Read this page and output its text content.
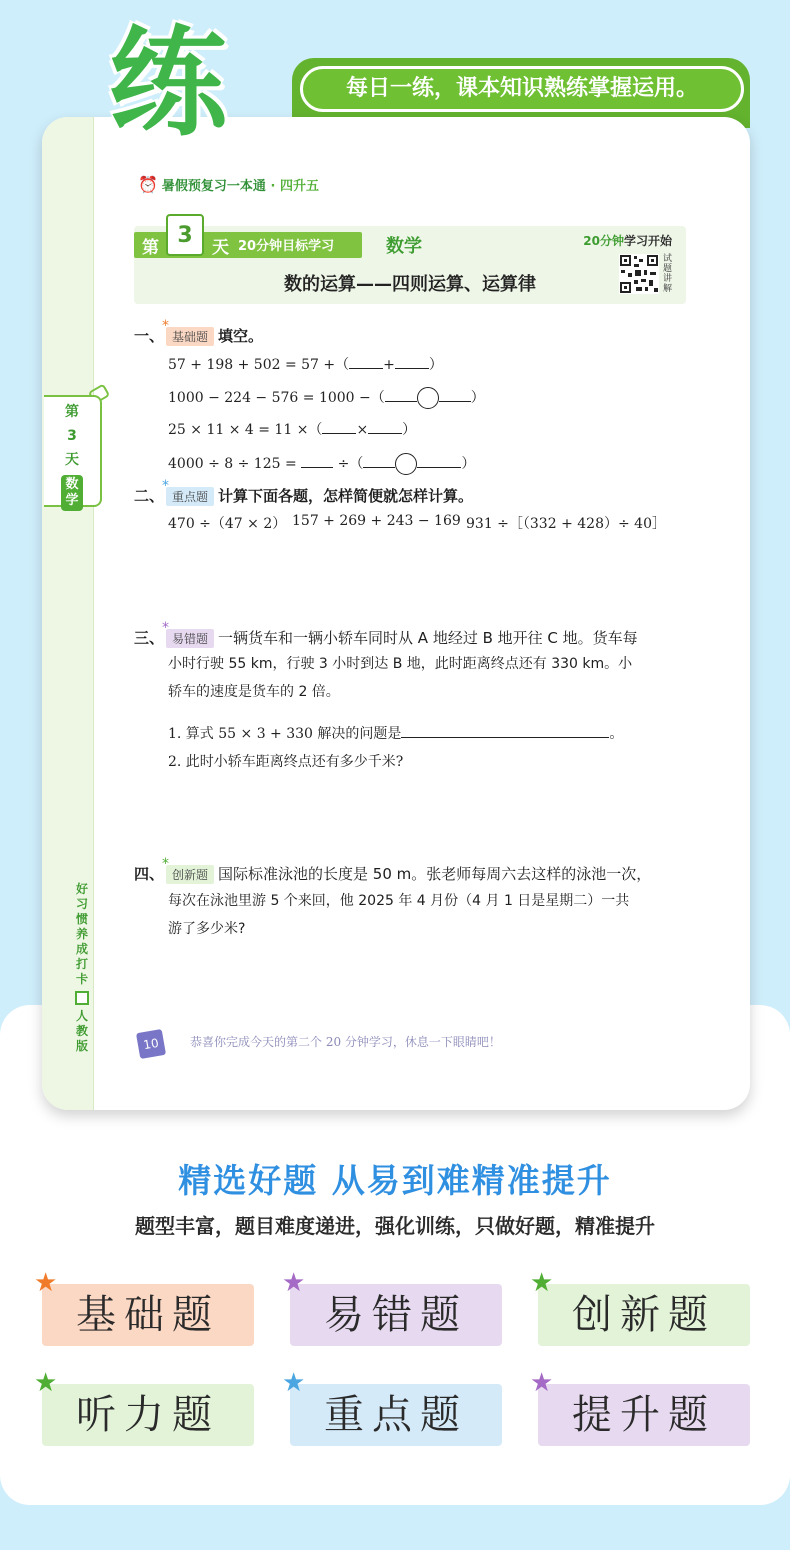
每日一练，课本知识熟练掌握运用。
练
第
3
天
数学
好
习
惯
养
成
打
卡
人
教
版
⏰ 暑假预复习一本通 · 四升五
第	天 20分钟目标学习
3	数学	20分钟学习开始
试题讲解
数的运算——四则运算、运算律
一、 * 基础题 填空。
57 + 198 + 502 = 57 +（ + ）
1000 − 224 − 576 = 1000 −（	）
25 × 11 × 4 = 11 ×（ × ）
4000 ÷ 8 ÷ 125 =	÷（	）
二、 * 重点题 计算下面各题，怎样简便就怎样计算。
470 ÷（47 × 2） 157 + 269 + 243 − 169 931 ÷［（332 + 428）÷ 40］
三、 * 易错题 一辆货车和一辆小轿车同时从 A 地经过 B 地开往 C 地。货车每
小时行驶 55 km，行驶 3 小时到达 B 地，此时距离终点还有 330 km。小
轿车的速度是货车的 2 倍。
1. 算式 55 × 3 + 330 解决的问题是	。
2. 此时小轿车距离终点还有多少千米?
四、 * 创新题 国际标准泳池的长度是 50 m。张老师每周六去这样的泳池一次，
每次在泳池里游 5 个来回，他 2025 年 4 月份（4 月 1 日是星期二）一共
游了多少米?
10	恭喜你完成今天的第二个 20 分钟学习，休息一下眼睛吧！
精选好题 从易到难精准提升
题型丰富，题目难度递进，强化训练，只做好题，精准提升
★
基础题
★
易错题
★
创新题
★
听力题
★
重点题
★
提升题
